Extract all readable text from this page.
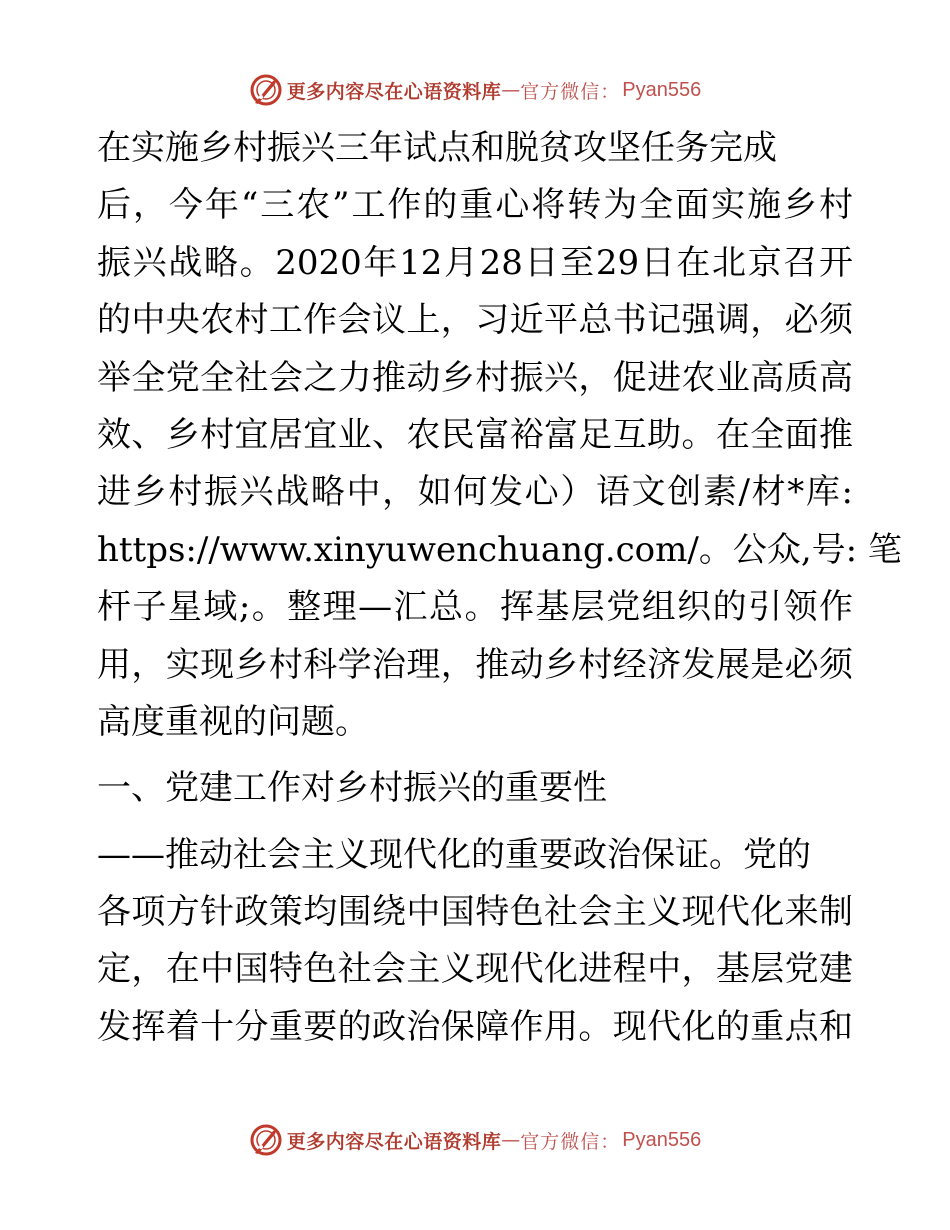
更多内容尽在心语资料库 — 官方微信： Pyan556
在实施乡村振兴三年试点和脱贫攻坚任务完成
后，今年“三农”工作的重心将转为全面实施乡村
振兴战略。2020年12月28日至29日在北京召开
的中央农村工作会议上，习近平总书记强调，必须
举全党全社会之力推动乡村振兴，促进农业高质高
效、乡村宜居宜业、农民富裕富足互助。在全面推
进乡村振兴战略中，如何发心）语文创素/材*库:
https://www.xinyuwenchuang.com/。公众,号: 笔
杆子星域;。整理—汇总。挥基层党组织的引领作
用，实现乡村科学治理，推动乡村经济发展是必须
高度重视的问题。
一、党建工作对乡村振兴的重要性
——推动社会主义现代化的重要政治保证。党的
各项方针政策均围绕中国特色社会主义现代化来制
定，在中国特色社会主义现代化进程中，基层党建
发挥着十分重要的政治保障作用。现代化的重点和
更多内容尽在心语资料库 — 官方微信： Pyan556
